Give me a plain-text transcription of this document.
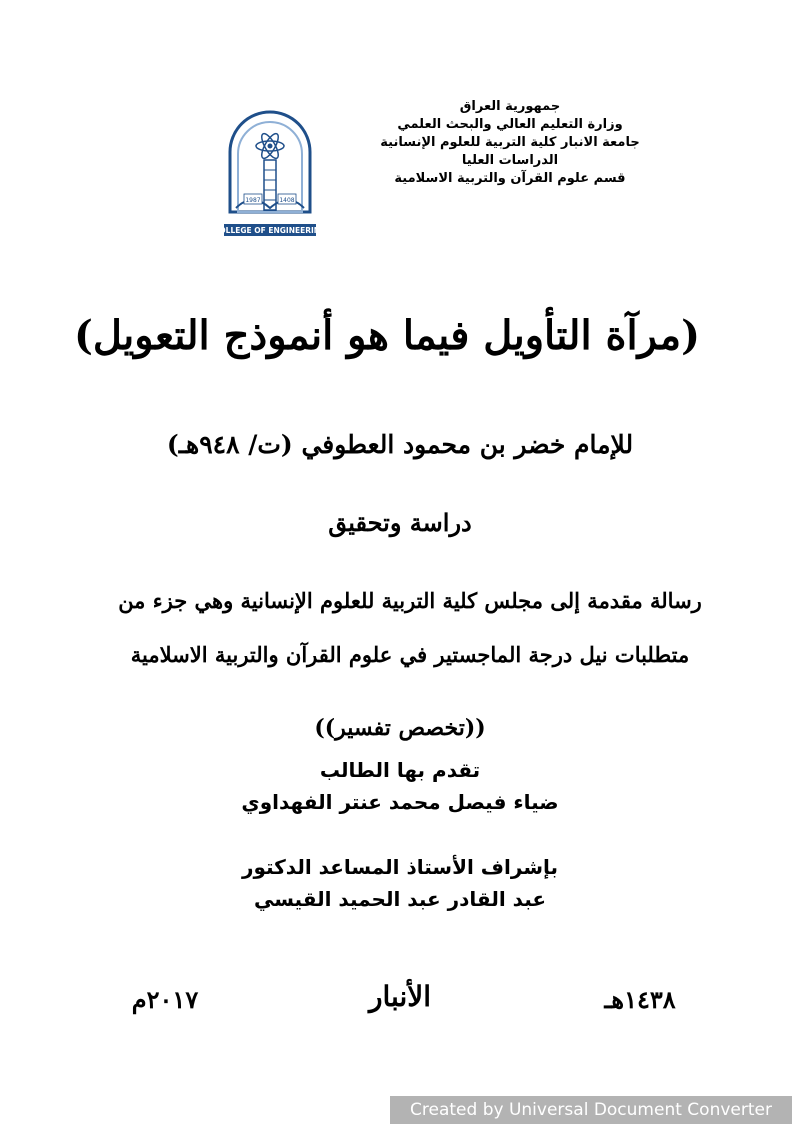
جمهورية العراق
وزارة التعليم العالي والبحث العلمي
جامعة الانبار كلية التربية للعلوم الإنسانية
الدراسات العليا
قسم علوم القرآن والتربية الاسلامية
1987	1408
COLLEGE OF ENGINEERING
(مرآة التأويل فيما هو أنموذج التعويل)
للإمام خضر بن محمود العطوفي (ت/ ٩٤٨هـ)
دراسة وتحقيق
رسالة مقدمة إلى مجلس كلية التربية للعلوم الإنسانية وهي جزء من
متطلبات نيل درجة الماجستير في علوم القرآن والتربية الاسلامية
((تخصص تفسير))
تقدم بها الطالب
ضياء فيصل محمد عنتر الفهداوي
بإشراف الأستاذ المساعد الدكتور
عبد القادر عبد الحميد القيسي
١٤٣٨هـ
الأنبار
٢٠١٧م
Created by Universal Document Converter
